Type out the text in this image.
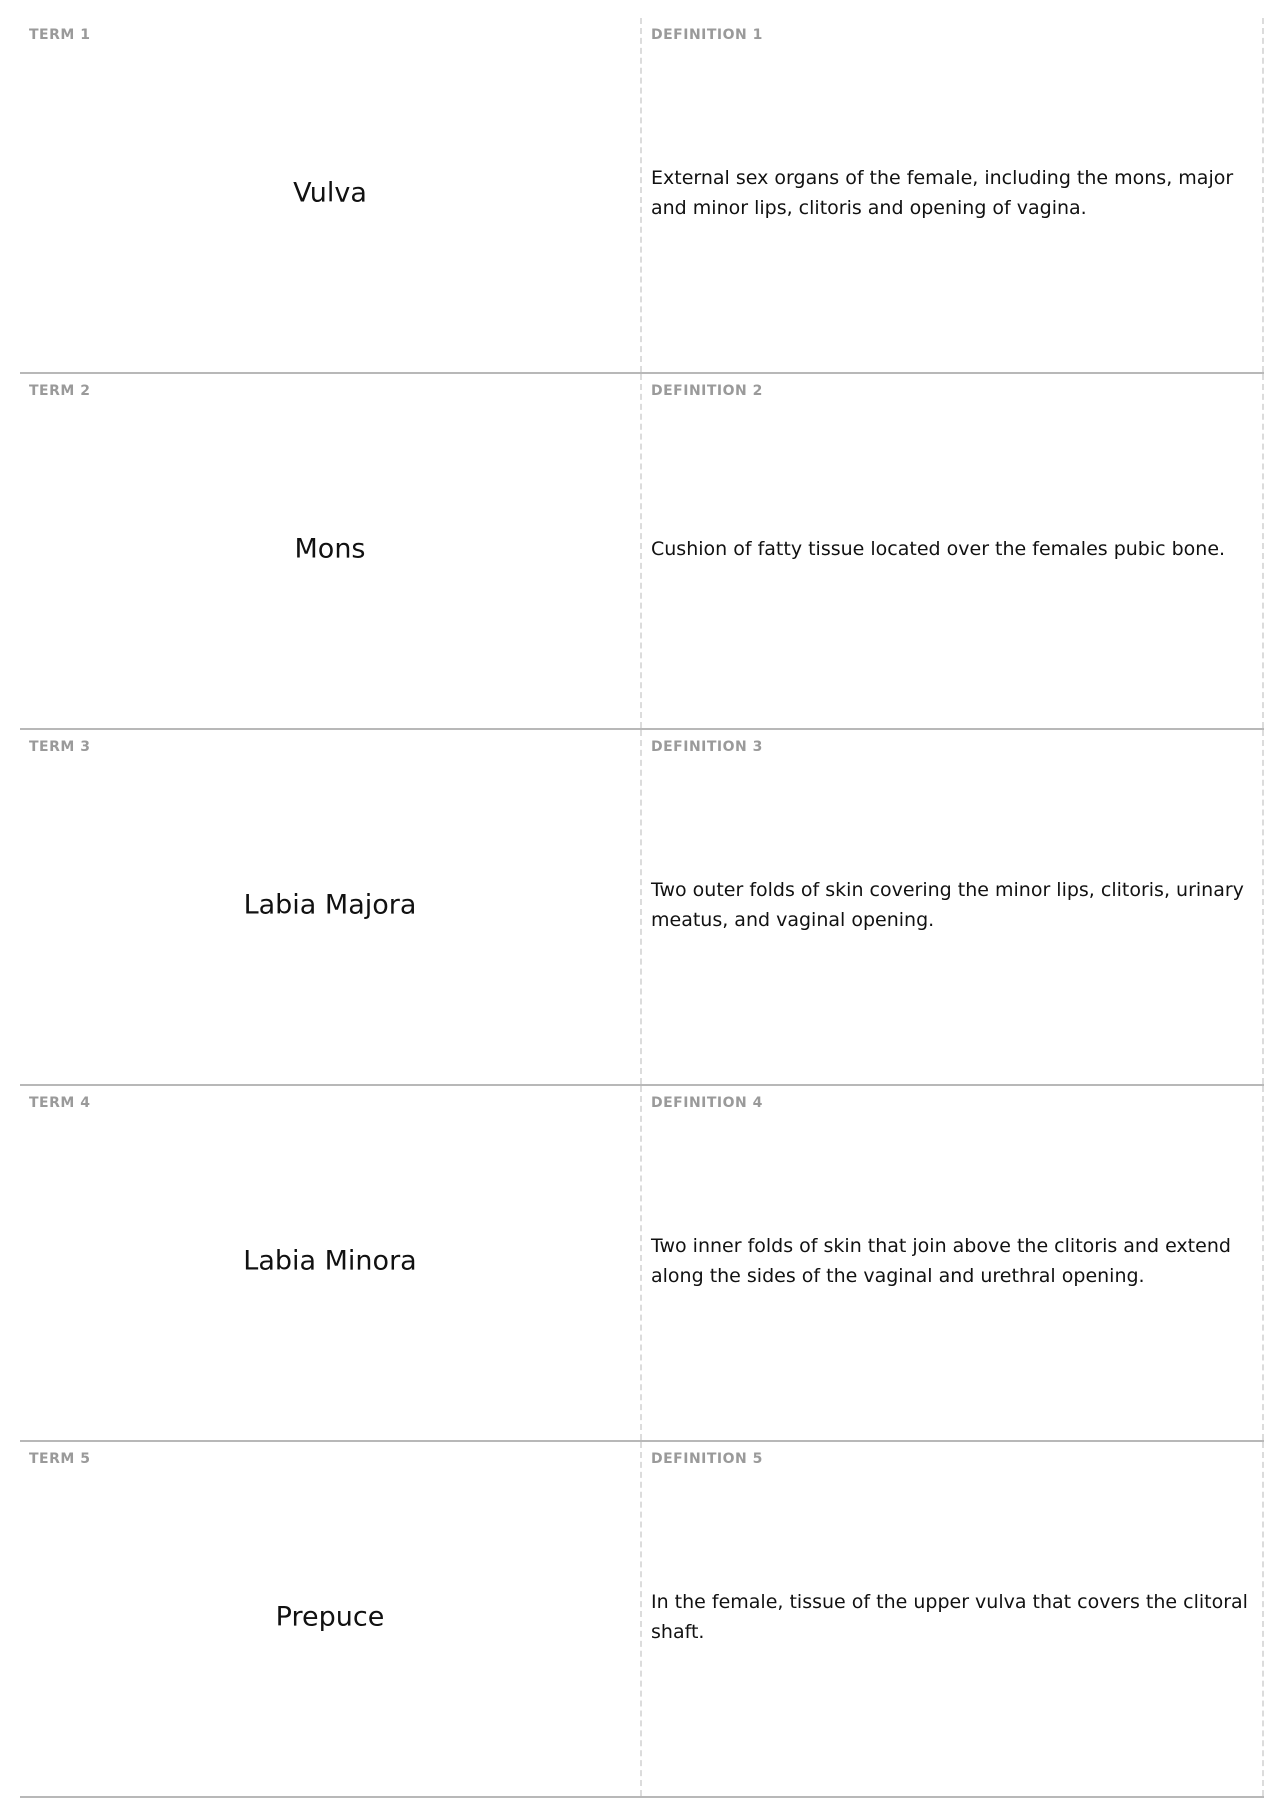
TERM 1
Vulva
DEFINITION 1
External sex organs of the female, including the mons, major and minor lips, clitoris and opening of vagina.
TERM 2
Mons
DEFINITION 2
Cushion of fatty tissue located over the females pubic bone.
TERM 3
Labia Majora
DEFINITION 3
Two outer folds of skin covering the minor lips, clitoris, urinary meatus, and vaginal opening.
TERM 4
Labia Minora
DEFINITION 4
Two inner folds of skin that join above the clitoris and extend along the sides of the vaginal and urethral opening.
TERM 5
Prepuce
DEFINITION 5
In the female, tissue of the upper vulva that covers the clitoral shaft.
